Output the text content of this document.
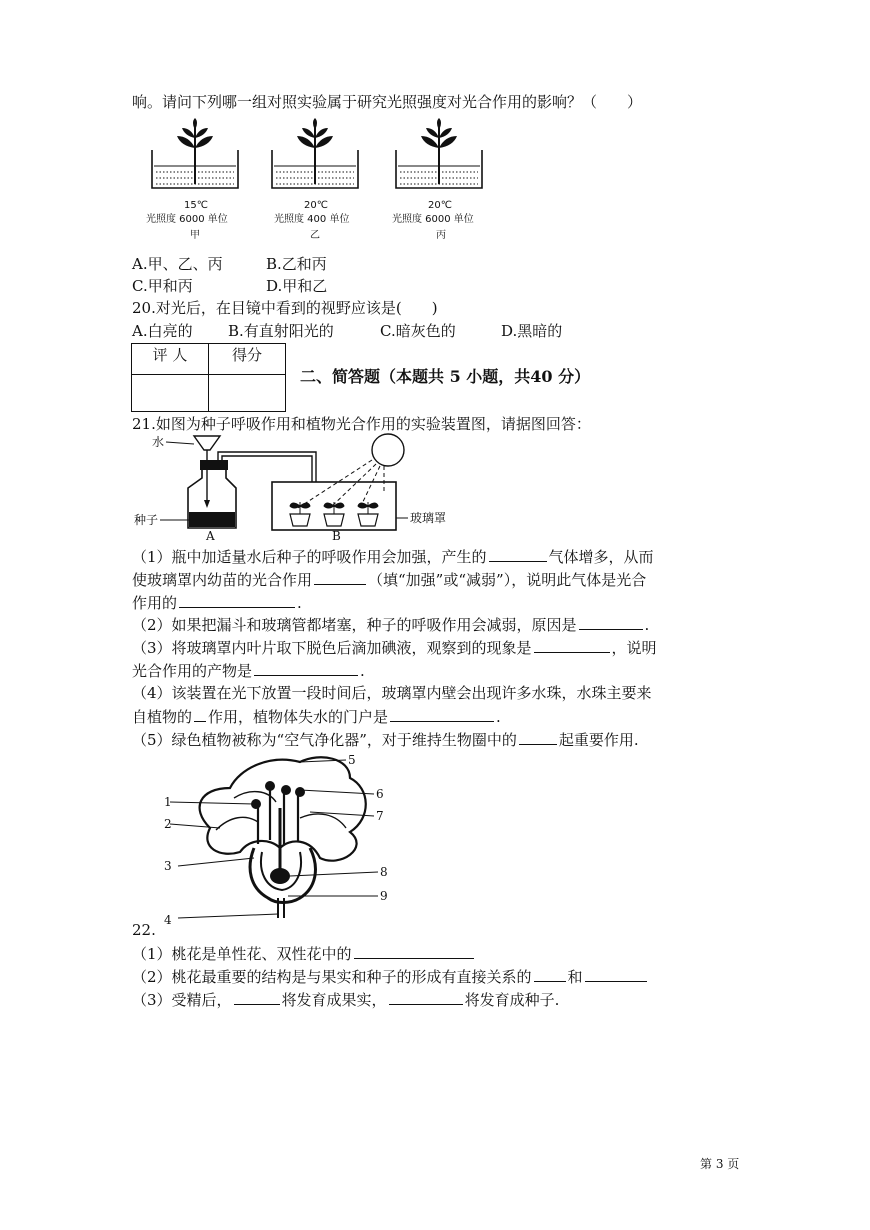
响。请问下列哪一组对照实验属于研究光照强度对光合作用的影响？（　　）
15℃
光照度 6000 单位
甲
20℃
光照度 400 单位
乙
20℃
光照度 6000 单位
丙
A.甲、乙、丙	B.乙和丙
C.甲和丙	D.甲和乙
20.对光后，在目镜中看到的视野应该是(　　)
A.白亮的 B.有直射阳光的	C.暗灰色的	D.黑暗的
评 人	得分

二、简答题（本题共 5 小题，共40 分）
21.如图为种子呼吸作用和植物光合作用的实验装置图，请据图回答：
水
种子
A
玻璃罩
B
（1）瓶中加适量水后种子的呼吸作用会加强，产生的	气体增多，从而
使玻璃罩内幼苗的光合作用	（填“加强”或“减弱”），说明此气体是光合
作用的	.
（2）如果把漏斗和玻璃管都堵塞，种子的呼吸作用会减弱，原因是	.
（3）将玻璃罩内叶片取下脱色后滴加碘液，观察到的现象是	，说明
光合作用的产物是	.
（4）该装置在光下放置一段时间后，玻璃罩内壁会出现许多水珠，水珠主要来
自植物的 作用，植物体失水的门户是	.
（5）绿色植物被称为“空气净化器”，对于维持生物圈中的	起重要作用.
1
2
3
4
5
6
7
8
9
22.
（1）桃花是单性花、双性花中的
（2）桃花最重要的结构是与果实和种子的形成有直接关系的 和
（3）受精后，	将发育成果实，	将发育成种子.
第 3 页
